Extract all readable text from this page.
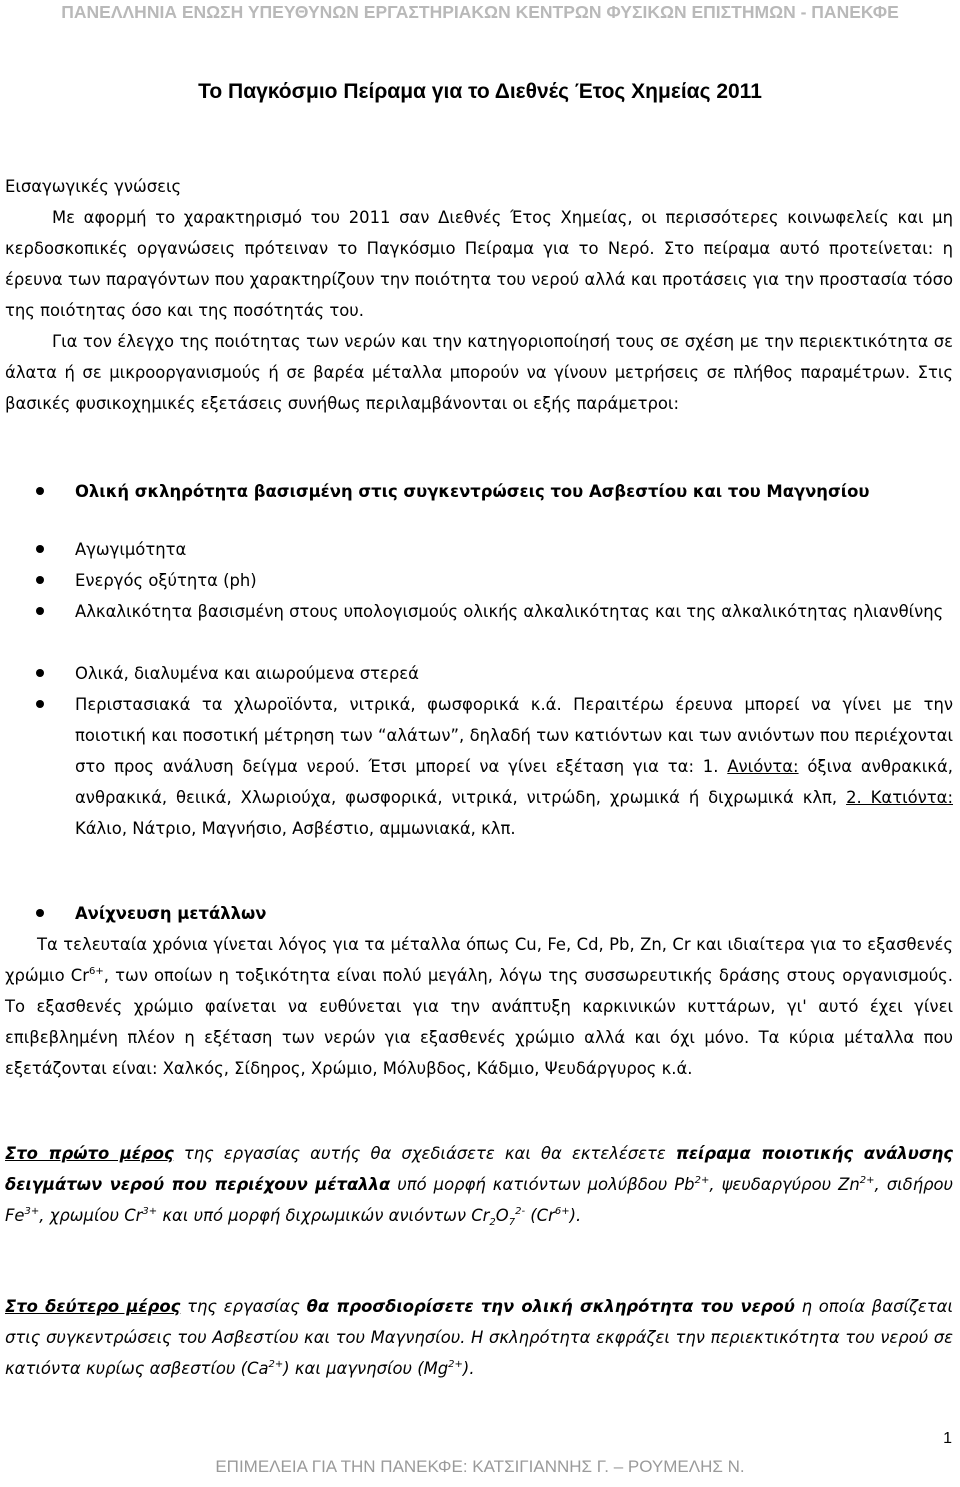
ΠΑΝΕΛΛΗΝΙΑ ΕΝΩΣΗ ΥΠΕΥΘΥΝΩΝ ΕΡΓΑΣΤΗΡΙΑΚΩΝ ΚΕΝΤΡΩΝ ΦΥΣΙΚΩΝ ΕΠΙΣΤΗΜΩΝ - ΠΑΝΕΚΦΕ
Το Παγκόσμιο Πείραμα για το Διεθνές Έτος Χημείας 2011
Εισαγωγικές γνώσεις
Με αφορμή το χαρακτηρισμό του 2011 σαν Διεθνές Έτος Χημείας, οι περισσότερες κοινωφελείς και μη κερδοσκοπικές οργανώσεις πρότειναν το Παγκόσμιο Πείραμα για το Νερό. Στο πείραμα αυτό προτείνεται: η έρευνα των παραγόντων που χαρακτηρίζουν την ποιότητα του νερού αλλά και προτάσεις για την προστασία τόσο της ποιότητας όσο και της ποσότητάς του.
Για τον έλεγχο της ποιότητας των νερών και την κατηγοριοποίησή τους σε σχέση με την περιεκτικότητα σε άλατα ή σε μικροοργανισμούς ή σε βαρέα μέταλλα μπορούν να γίνουν μετρήσεις σε πλήθος παραμέτρων. Στις βασικές φυσικοχημικές εξετάσεις συνήθως περιλαμβάνονται οι εξής παράμετροι:
Ολική σκληρότητα βασισμένη στις συγκεντρώσεις του Ασβεστίου και του Μαγνησίου
Αγωγιμότητα
Ενεργός οξύτητα (ph)
Αλκαλικότητα βασισμένη στους υπολογισμούς ολικής αλκαλικότητας και της αλκαλικότητας ηλιανθίνης
Ολικά, διαλυμένα και αιωρούμενα στερεά
Περιστασιακά τα χλωροϊόντα, νιτρικά, φωσφορικά κ.ά. Περαιτέρω έρευνα μπορεί να γίνει με την ποιοτική και ποσοτική μέτρηση των “αλάτων”, δηλαδή των κατιόντων και των ανιόντων που περιέχονται στο προς ανάλυση δείγμα νερού. Έτσι μπορεί να γίνει εξέταση για τα: 1. Ανιόντα: όξινα ανθρακικά, ανθρακικά, θειικά, Χλωριούχα, φωσφορικά, νιτρικά, νιτρώδη, χρωμικά ή διχρωμικά κλπ, 2. Κατιόντα: Κάλιο, Νάτριο, Μαγνήσιο, Ασβέστιο, αμμωνιακά, κλπ.
Ανίχνευση μετάλλων
Τα τελευταία χρόνια γίνεται λόγος για τα μέταλλα όπως Cu, Fe, Cd, Pb, Zn, Cr και ιδιαίτερα για το εξασθενές χρώμιο $Cr^{6+}$, των οποίων η τοξικότητα είναι πολύ μεγάλη, λόγω της συσσωρευτικής δράσης στους οργανισμούς. Το εξασθενές χρώμιο φαίνεται να ευθύνεται για την ανάπτυξη καρκινικών κυττάρων, γι' αυτό έχει γίνει επιβεβλημένη πλέον η εξέταση των νερών για εξασθενές χρώμιο αλλά και όχι μόνο. Τα κύρια μέταλλα που εξετάζονται είναι: Χαλκός, Σίδηρος, Χρώμιο, Μόλυβδος, Κάδμιο, Ψευδάργυρος κ.ά.
Στο πρώτο μέρος της εργασίας αυτής θα σχεδιάσετε και θα εκτελέσετε πείραμα ποιοτικής ανάλυσης δειγμάτων νερού που περιέχουν μέταλλα υπό μορφή κατιόντων μολύβδου $Pb^{2+}$, ψευδαργύρου $Zn^{2+}$, σιδήρου $Fe^{3+}$, χρωμίου $Cr^{3+}$ και υπό μορφή διχρωμικών ανιόντων $Cr_2O_7^{2-}$ $(Cr^{6+})$.
Στο δεύτερο μέρος της εργασίας θα προσδιορίσετε την ολική σκληρότητα του νερού η οποία βασίζεται στις συγκεντρώσεις του Ασβεστίου και του Μαγνησίου. Η σκληρότητα εκφράζει την περιεκτικότητα του νερού σε κατιόντα κυρίως ασβεστίου $(Ca^{2+})$ και μαγνησίου $(Mg^{2+})$.
1
ΕΠΙΜΕΛΕΙΑ ΓΙΑ ΤΗΝ ΠΑΝΕΚΦΕ: ΚΑΤΣΙΓΙΑΝΝΗΣ Γ. – ΡΟΥΜΕΛΗΣ Ν.
